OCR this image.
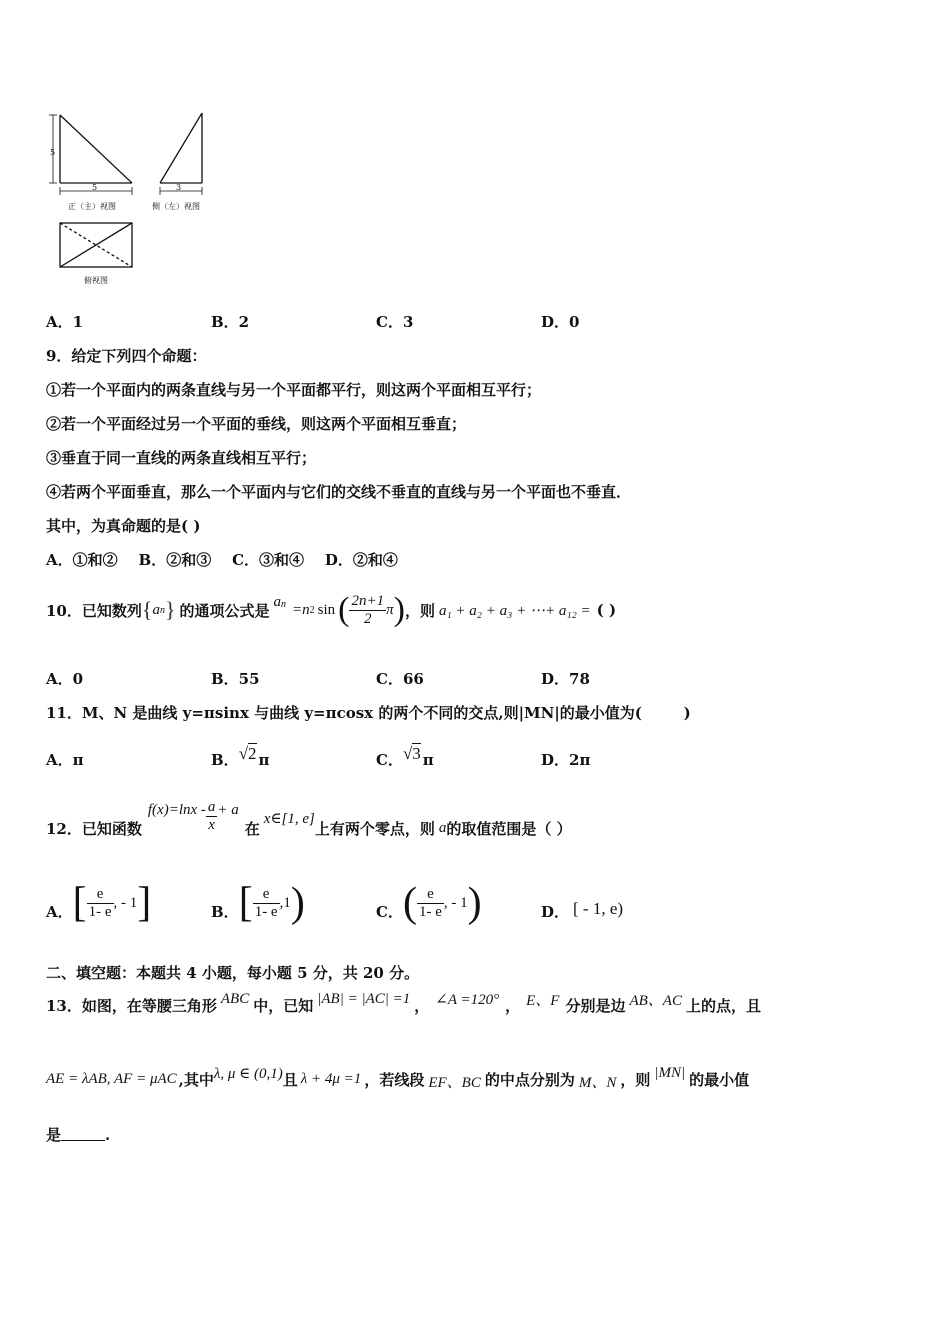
5
5	3
正（主）视图	侧（左）视图
俯视图
A．1	B．2	C．3	D．0
9．给定下列四个命题：
①若一个平面内的两条直线与另一个平面都平行，则这两个平面相互平行；
②若一个平面经过另一个平面的垂线，则这两个平面相互垂直；
③垂直于同一直线的两条直线相互平行；
④若两个平面垂直，那么一个平面内与它们的交线不垂直的直线与另一个平面也不垂直．
其中，为真命题的是( )
A．①和②    B．②和③    C．③和④    D．②和④
10．已知数列 { a n } 的通项公式是 $a_n =n$ 2 sin ( $\frac{2n+1}{2}$ π ) ，则 a₁ + a₂ + a₃ + ⋯+ a₁₂ = ( )
A．0	B．55	C．66	D．78
11．M、N 是曲线 y=πsinx 与曲线 y=πcosx 的两个不同的交点,则|MN|的最小值为(        )
A．π	B． √ 2 π	C． √ 3 π	D．2π
12．已知函数
$f(x)=\ln x - \frac{a}{x} + a$
在
x∈[1, e]
上有两个零点，则 a 的取值范围是（ ）
A． [ $\frac{e}{1- e}$ , - 1 ]	B． [ $\frac{e}{1- e} ,1$ )	C． ( $\frac{e}{1- e}$ , - 1 )	D． [ - 1, e)
二、填空题：本题共 4 小题，每小题 5 分，共 20 分。
13．如图，在等腰三角形 ABC 中，已知 |AB| = |AC| =1 ， ∠A =120° ， E、F 分别是边 AB、AC 上的点，且
AE = λAB, AF = μAC ,其中 λ, μ ∈ (0,1) 且 λ + 4μ =1 ，若线段 EF、BC 的中点分别为 M、N ，则 |MN| 的最小值
是	.
